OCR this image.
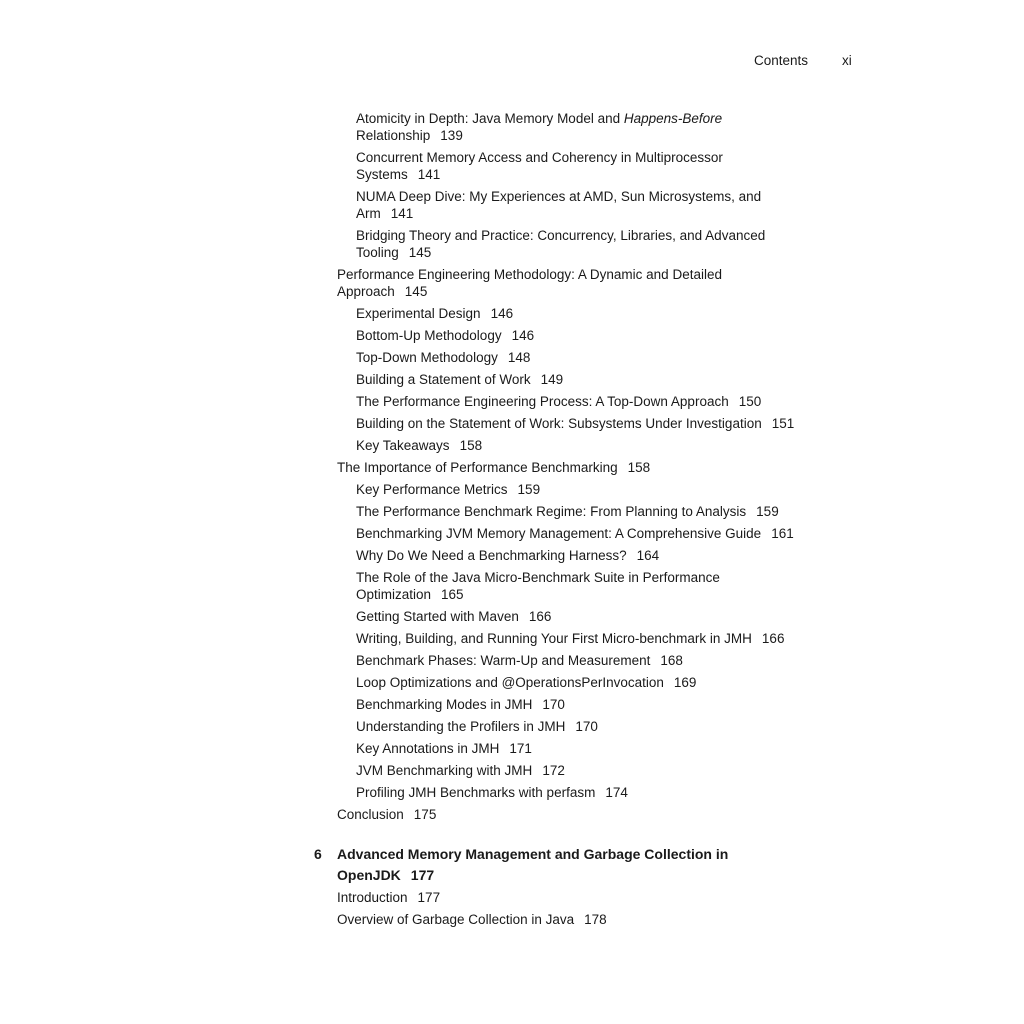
Contents	xi
Atomicity in Depth: Java Memory Model and Happens-Before Relationship 139
Concurrent Memory Access and Coherency in Multiprocessor Systems 141
NUMA Deep Dive: My Experiences at AMD, Sun Microsystems, and Arm 141
Bridging Theory and Practice: Concurrency, Libraries, and Advanced Tooling 145
Performance Engineering Methodology: A Dynamic and Detailed Approach 145
Experimental Design 146
Bottom-Up Methodology 146
Top-Down Methodology 148
Building a Statement of Work 149
The Performance Engineering Process: A Top-Down Approach 150
Building on the Statement of Work: Subsystems Under Investigation 151
Key Takeaways 158
The Importance of Performance Benchmarking 158
Key Performance Metrics 159
The Performance Benchmark Regime: From Planning to Analysis 159
Benchmarking JVM Memory Management: A Comprehensive Guide 161
Why Do We Need a Benchmarking Harness? 164
The Role of the Java Micro-Benchmark Suite in Performance Optimization 165
Getting Started with Maven 166
Writing, Building, and Running Your First Micro-benchmark in JMH 166
Benchmark Phases: Warm-Up and Measurement 168
Loop Optimizations and @OperationsPerInvocation 169
Benchmarking Modes in JMH 170
Understanding the Profilers in JMH 170
Key Annotations in JMH 171
JVM Benchmarking with JMH 172
Profiling JMH Benchmarks with perfasm 174
Conclusion 175
6 Advanced Memory Management and Garbage Collection in OpenJDK 177
Introduction 177
Overview of Garbage Collection in Java 178
